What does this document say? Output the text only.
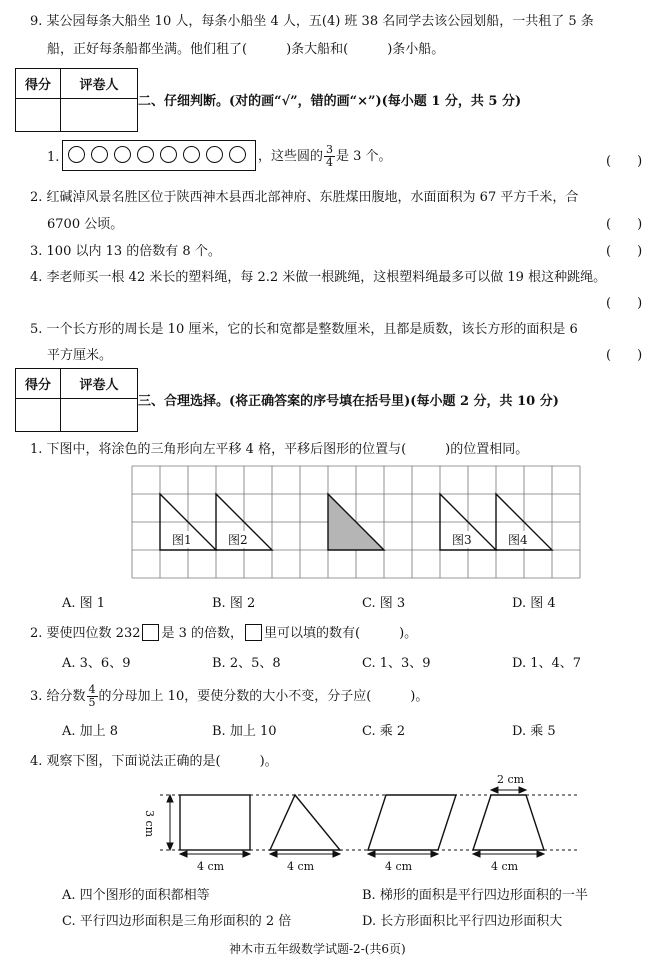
9. 某公园每条大船坐 10 人，每条小船坐 4 人，五(4) 班 38 名同学去该公园划船，一共租了 5 条
船，正好每条船都坐满。他们租了(　　　)条大船和(　　　)条小船。
得分	评卷人
二、仔细判断。(对的画“√”，错的画“×”)(每小题 1 分，共 5 分)
1.	，这些圆的 $\frac{3}{4}$ 是 3 个。	(　　)
2. 红碱淖风景名胜区位于陕西神木县西北部神府、东胜煤田腹地，水面面积为 67 平方千米，合
6700 公顷。	(　　)
3. 100 以内 13 的倍数有 8 个。	(　　)
4. 李老师买一根 42 米长的塑料绳，每 2.2 米做一根跳绳，这根塑料绳最多可以做 19 根这种跳绳。
(　　)
5. 一个长方形的周长是 10 厘米，它的长和宽都是整数厘米，且都是质数，该长方形的面积是 6
平方厘米。	(　　)
得分	评卷人
三、合理选择。(将正确答案的序号填在括号里)(每小题 2 分，共 10 分)
1. 下图中，将涂色的三角形向左平移 4 格，平移后图形的位置与(　　　)的位置相同。
图1	图2	图3	图4
A. 图 1	B. 图 2	C. 图 3	D. 图 4
2. 要使四位数 232 是 3 的倍数， 里可以填的数有(　　　)。
A. 3、6、9	B. 2、5、8	C. 1、3、9	D. 1、4、7
3. 给分数 $\frac{4}{5}$ 的分母加上 10，要使分数的大小不变，分子应(　　　)。
A. 加上 8	B. 加上 10	C. 乘 2	D. 乘 5
4. 观察下图，下面说法正确的是(　　　)。
3 cm
4 cm	4 cm	4 cm	4 cm
2 cm
A. 四个图形的面积都相等	B. 梯形的面积是平行四边形面积的一半
C. 平行四边形面积是三角形面积的 2 倍	D. 长方形面积比平行四边形面积大
神木市五年级数学试题-2-(共6页)
